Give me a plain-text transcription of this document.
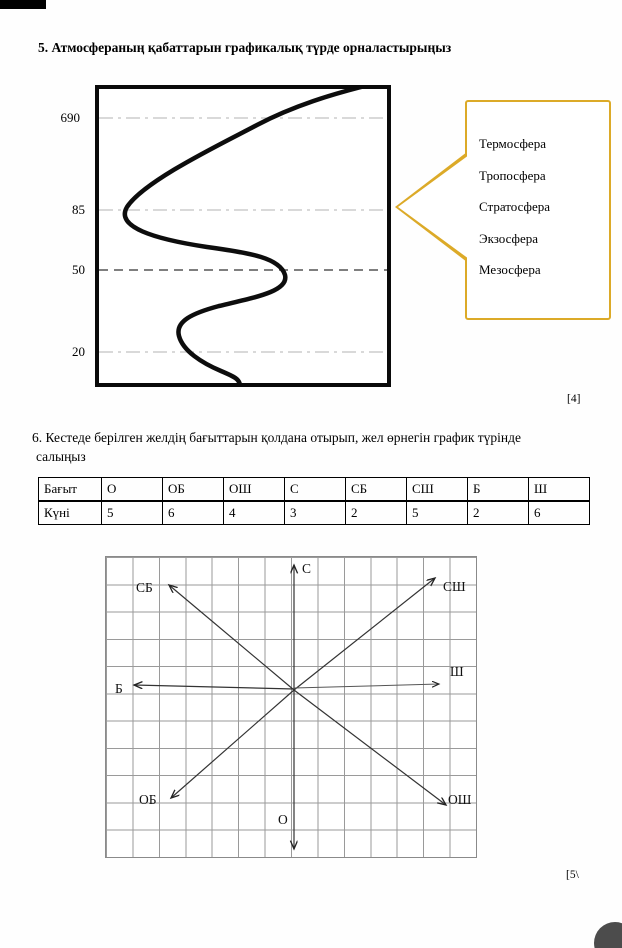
5. Атмосфераның қабаттарын графикалық түрде орналастырыңыз
690
85
50
20
Термосфера
Тропосфера
Стратосфера
Экзосфера
Мезосфера
[4]
6. Кестеде берілген желдің бағыттарын қолдана отырып, жел өрнегін график түрінде
салыңыз
Бағыт	О	ОБ	ОШ	С	СБ	СШ	Б	Ш
Күні	5	6	4	3	2	5	2	6
С
СБ	СШ
Б
Ш
ОБ	ОШ
О
[5\
